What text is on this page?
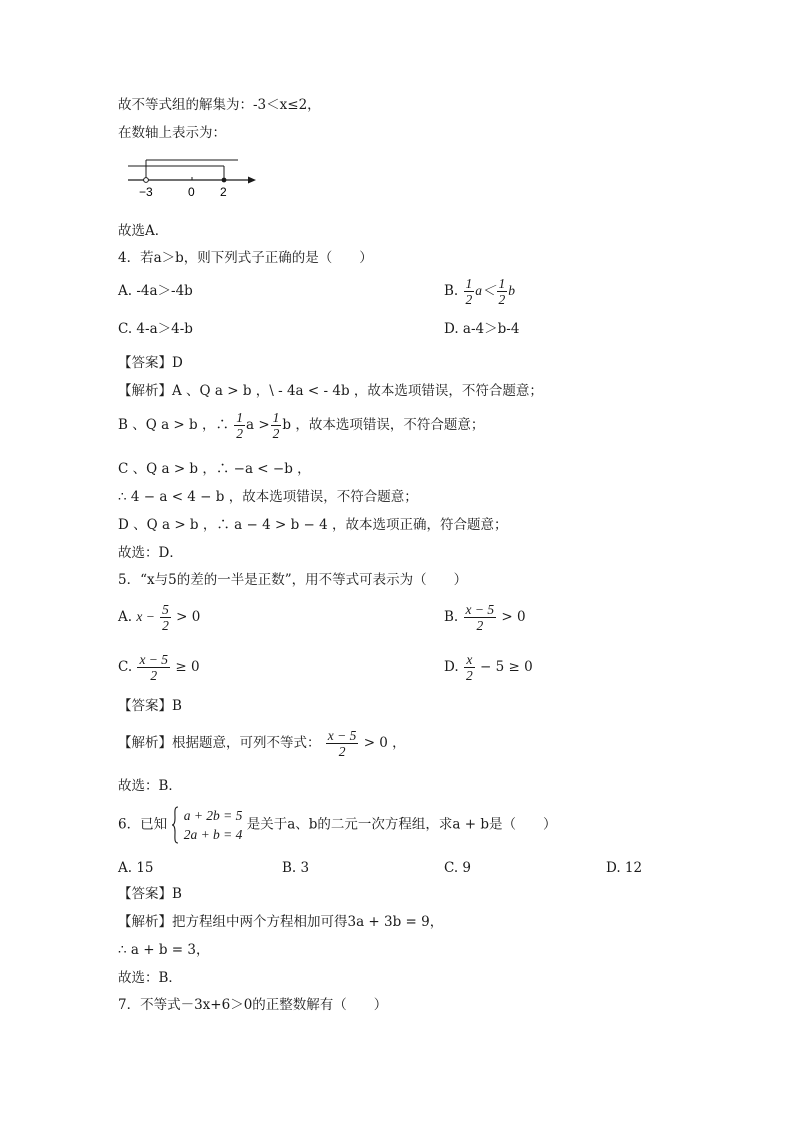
故不等式组的解集为：-3＜x≤2，
在数轴上表示为：
−3	0 2
故选A．
4．若a＞b，则下列式子正确的是（　　）
A. -4a＞-4b	B. $\frac{1}{2} a< \frac{1}{2}$ b
C. 4-a＞4-b	D. a-4＞b-4
【答案】D
【解析】A 、Q a > b ，\ - 4a < - 4b ，故本选项错误，不符合题意；
B 、Q a > b ，∴ $\frac{1}{2}$ $a > \frac{1}{2}$ b ，故本选项错误，不符合题意；
C 、Q a > b ，∴ −a < −b ，
∴ 4 − a < 4 − b ，故本选项错误，不符合题意；
D 、Q a > b ，∴ a − 4 > b − 4 ，故本选项正确，符合题意；
故选：D．
5．“x与5的差的一半是正数”，用不等式可表示为（　　）
A. $x - \frac{5}{2} > 0$	B. $\frac{x - 5}{2} > 0$
C. $\frac{x - 5}{2} \ge 0$	D. $\frac{x}{2} - 5 \ge 0$
【答案】B
【解析】根据题意，可列不等式： $\frac{x - 5}{2} > 0$ ，
故选：B．
6．已知
a + 2b = 5
2a + b = 4
是关于a、b的二元一次方程组，求a + b是（　　）
A. 15	B. 3	C. 9	D. 12
【答案】B
【解析】把方程组中两个方程相加可得3a + 3b = 9，
∴ a + b = 3，
故选：B．
7．不等式－3x+6＞0的正整数解有（　　）
